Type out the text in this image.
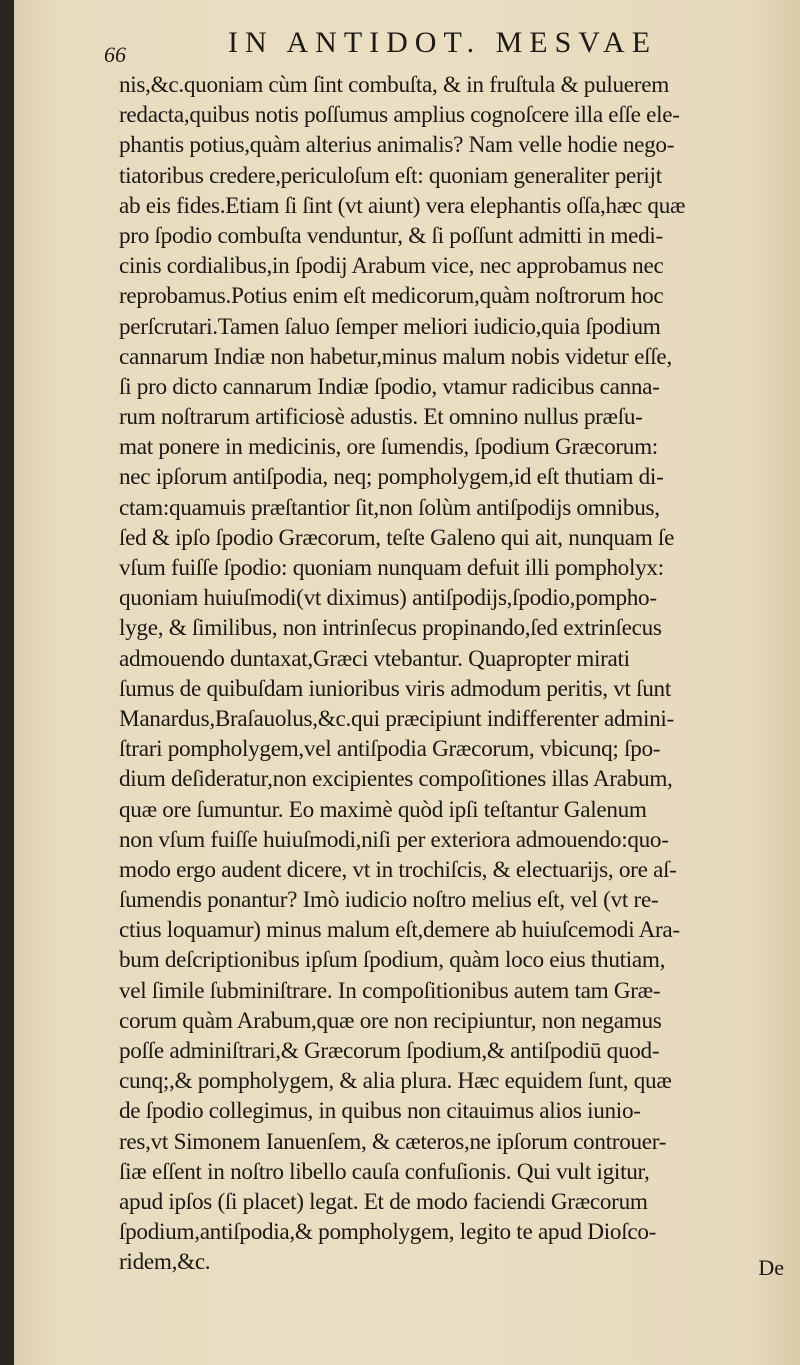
66	IN ANTIDOT. MESVAE
nis,&c.quoniam cùm ſint combuſta, & in fruſtula & puluerem
redacta,quibus notis poſſumus amplius cognoſcere illa eſſe ele-
phantis potius,quàm alterius animalis? Nam velle hodie nego-
tiatoribus credere,periculoſum eſt: quoniam generaliter perijt
ab eis fides.Etiam ſi ſint (vt aiunt) vera elephantis oſſa,hæc quæ
pro ſpodio combuſta venduntur, & ſi poſſunt admitti in medi-
cinis cordialibus,in ſpodij Arabum vice, nec approbamus nec
reprobamus.Potius enim eſt medicorum,quàm noſtrorum hoc
perſcrutari.Tamen ſaluo ſemper meliori iudicio,quia ſpodium
cannarum Indiæ non habetur,minus malum nobis videtur eſſe,
ſi pro dicto cannarum Indiæ ſpodio, vtamur radicibus canna-
rum noſtrarum artificiosè adustis. Et omnino nullus præſu-
mat ponere in medicinis, ore ſumendis, ſpodium Græcorum:
nec ipſorum antiſpodia, neq; pompholygem,id eſt thutiam di-
ctam:quamuis præſtantior ſit,non ſolùm antiſpodijs omnibus,
ſed & ipſo ſpodio Græcorum, teſte Galeno qui ait, nunquam ſe
vſum fuiſſe ſpodio: quoniam nunquam defuit illi pompholyx:
quoniam huiuſmodi(vt diximus) antiſpodijs,ſpodio,pompho-
lyge, & ſimilibus, non intrinſecus propinando,ſed extrinſecus
admouendo duntaxat,Græci vtebantur. Quapropter mirati
ſumus de quibuſdam iunioribus viris admodum peritis, vt ſunt
Manardus,Braſauolus,&c.qui præcipiunt indifferenter admini-
ſtrari pompholygem,vel antiſpodia Græcorum, vbicunq; ſpo-
dium deſideratur,non excipientes compoſitiones illas Arabum,
quæ ore ſumuntur. Eo maximè quòd ipſi teſtantur Galenum
non vſum fuiſſe huiuſmodi,niſi per exteriora admouendo:quo-
modo ergo audent dicere, vt in trochiſcis, & electuarijs, ore aſ-
ſumendis ponantur? Imò iudicio noſtro melius eſt, vel (vt re-
ctius loquamur) minus malum eſt,demere ab huiuſcemodi Ara-
bum deſcriptionibus ipſum ſpodium, quàm loco eius thutiam,
vel ſimile ſubminiſtrare. In compoſitionibus autem tam Græ-
corum quàm Arabum,quæ ore non recipiuntur, non negamus
poſſe adminiſtrari,& Græcorum ſpodium,& antiſpodiū quod-
cunq;,& pompholygem, & alia plura. Hæc equidem ſunt, quæ
de ſpodio collegimus, in quibus non citauimus alios iunio-
res,vt Simonem Ianuenſem, & cæteros,ne ipſorum controuer-
ſiæ eſſent in noſtro libello cauſa confuſionis. Qui vult igitur,
apud ipſos (ſi placet) legat. Et de modo faciendi Græcorum
ſpodium,antiſpodia,& pompholygem, legito te apud Dioſco-
ridem,&c.	De
